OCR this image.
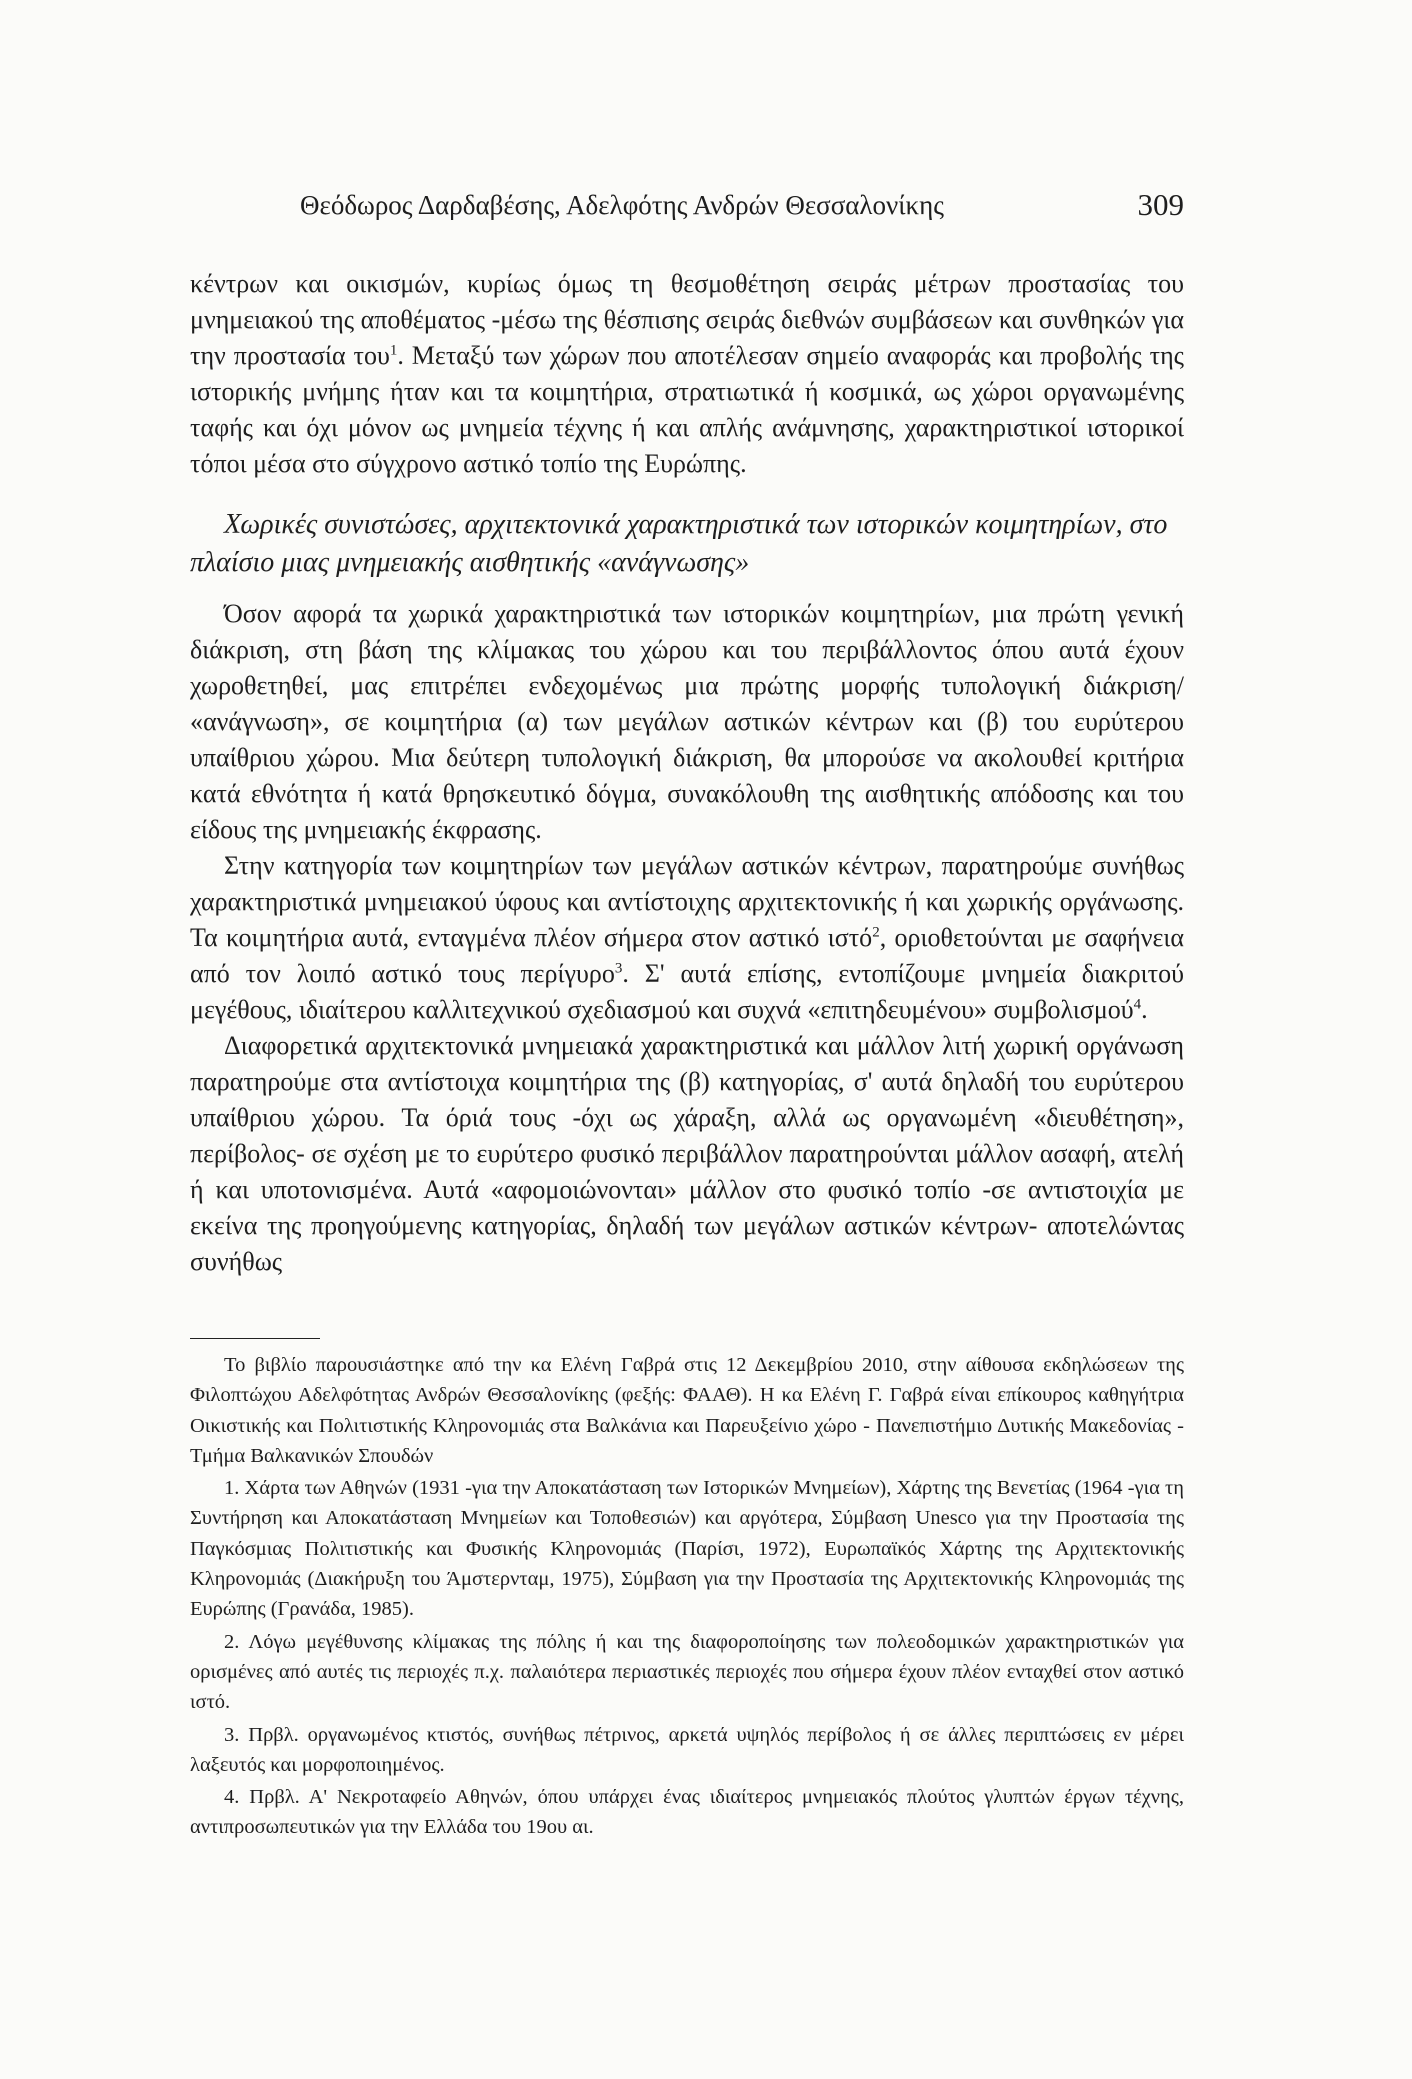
Θεόδωρος Δαρδαβέσης, Αδελφότης Ανδρών Θεσσαλονίκης	309

κέντρων και οικισμών, κυρίως όμως τη θεσμοθέτηση σειράς μέτρων προστασίας του μνημειακού της αποθέματος -μέσω της θέσπισης σειράς διεθνών συμβάσεων και συνθηκών για την προστασία του$^1$. Μεταξύ των χώρων που αποτέλεσαν σημείο αναφοράς και προβολής της ιστορικής μνήμης ήταν και τα κοιμητήρια, στρατιωτικά ή κοσμικά, ως χώροι οργανωμένης ταφής και όχι μόνον ως μνημεία τέχνης ή και απλής ανάμνησης, χαρακτηριστικοί ιστορικοί τόποι μέσα στο σύγχρονο αστικό τοπίο της Ευρώπης.

Χωρικές συνιστώσες, αρχιτεκτονικά χαρακτηριστικά των ιστορικών κοιμητηρίων, στο πλαίσιο μιας μνημειακής αισθητικής «ανάγνωσης»

Όσον αφορά τα χωρικά χαρακτηριστικά των ιστορικών κοιμητηρίων, μια πρώτη γενική διάκριση, στη βάση της κλίμακας του χώρου και του περιβάλλοντος όπου αυτά έχουν χωροθετηθεί, μας επιτρέπει ενδεχομένως μια πρώτης μορφής τυπολογική διάκριση/ «ανάγνωση», σε κοιμητήρια (α) των μεγάλων αστικών κέντρων και (β) του ευρύτερου υπαίθριου χώρου. Μια δεύτερη τυπολογική διάκριση, θα μπορούσε να ακολουθεί κριτήρια κατά εθνότητα ή κατά θρησκευτικό δόγμα, συνακόλουθη της αισθητικής απόδοσης και του είδους της μνημειακής έκφρασης.

Στην κατηγορία των κοιμητηρίων των μεγάλων αστικών κέντρων, παρατηρούμε συνήθως χαρακτηριστικά μνημειακού ύφους και αντίστοιχης αρχιτεκτονικής ή και χωρικής οργάνωσης. Τα κοιμητήρια αυτά, ενταγμένα πλέον σήμερα στον αστικό ιστό$^2$, οριοθετούνται με σαφήνεια από τον λοιπό αστικό τους περίγυρο$^3$. Σ' αυτά επίσης, εντοπίζουμε μνημεία διακριτού μεγέθους, ιδιαίτερου καλλιτεχνικού σχεδιασμού και συχνά «επιτηδευμένου» συμβολισμού$^4$.

Διαφορετικά αρχιτεκτονικά μνημειακά χαρακτηριστικά και μάλλον λιτή χωρική οργάνωση παρατηρούμε στα αντίστοιχα κοιμητήρια της (β) κατηγορίας, σ' αυτά δηλαδή του ευρύτερου υπαίθριου χώρου. Τα όριά τους -όχι ως χάραξη, αλλά ως οργανωμένη «διευθέτηση», περίβολος- σε σχέση με το ευρύτερο φυσικό περιβάλλον παρατηρούνται μάλλον ασαφή, ατελή ή και υποτονισμένα. Αυτά «αφομοιώνονται» μάλλον στο φυσικό τοπίο -σε αντιστοιχία με εκείνα της προηγούμενης κατηγορίας, δηλαδή των μεγάλων αστικών κέντρων- αποτελώντας συνήθως

Το βιβλίο παρουσιάστηκε από την κα Ελένη Γαβρά στις 12 Δεκεμβρίου 2010, στην αίθουσα εκδηλώσεων της Φιλοπτώχου Αδελφότητας Ανδρών Θεσσαλονίκης (φεξής: ΦΑΑΘ). Η κα Ελένη Γ. Γαβρά είναι επίκουρος καθηγήτρια Οικιστικής και Πολιτιστικής Κληρονομιάς στα Βαλκάνια και Παρευξείνιο χώρο - Πανεπιστήμιο Δυτικής Μακεδονίας - Τμήμα Βαλκανικών Σπουδών

1. Χάρτα των Αθηνών (1931 -για την Αποκατάσταση των Ιστορικών Μνημείων), Χάρτης της Βενετίας (1964 -για τη Συντήρηση και Αποκατάσταση Μνημείων και Τοποθεσιών) και αργότερα, Σύμβαση Unesco για την Προστασία της Παγκόσμιας Πολιτιστικής και Φυσικής Κληρονομιάς (Παρίσι, 1972), Ευρωπαϊκός Χάρτης της Αρχιτεκτονικής Κληρονομιάς (Διακήρυξη του Άμστερνταμ, 1975), Σύμβαση για την Προστασία της Αρχιτεκτονικής Κληρονομιάς της Ευρώπης (Γρανάδα, 1985).

2. Λόγω μεγέθυνσης κλίμακας της πόλης ή και της διαφοροποίησης των πολεοδομικών χαρακτηριστικών για ορισμένες από αυτές τις περιοχές π.χ. παλαιότερα περιαστικές περιοχές που σήμερα έχουν πλέον ενταχθεί στον αστικό ιστό.

3. Πρβλ. οργανωμένος κτιστός, συνήθως πέτρινος, αρκετά υψηλός περίβολος ή σε άλλες περιπτώσεις εν μέρει λαξευτός και μορφοποιημένος.

4. Πρβλ. Α' Νεκροταφείο Αθηνών, όπου υπάρχει ένας ιδιαίτερος μνημειακός πλούτος γλυπτών έργων τέχνης, αντιπροσωπευτικών για την Ελλάδα του 19ου αι.
